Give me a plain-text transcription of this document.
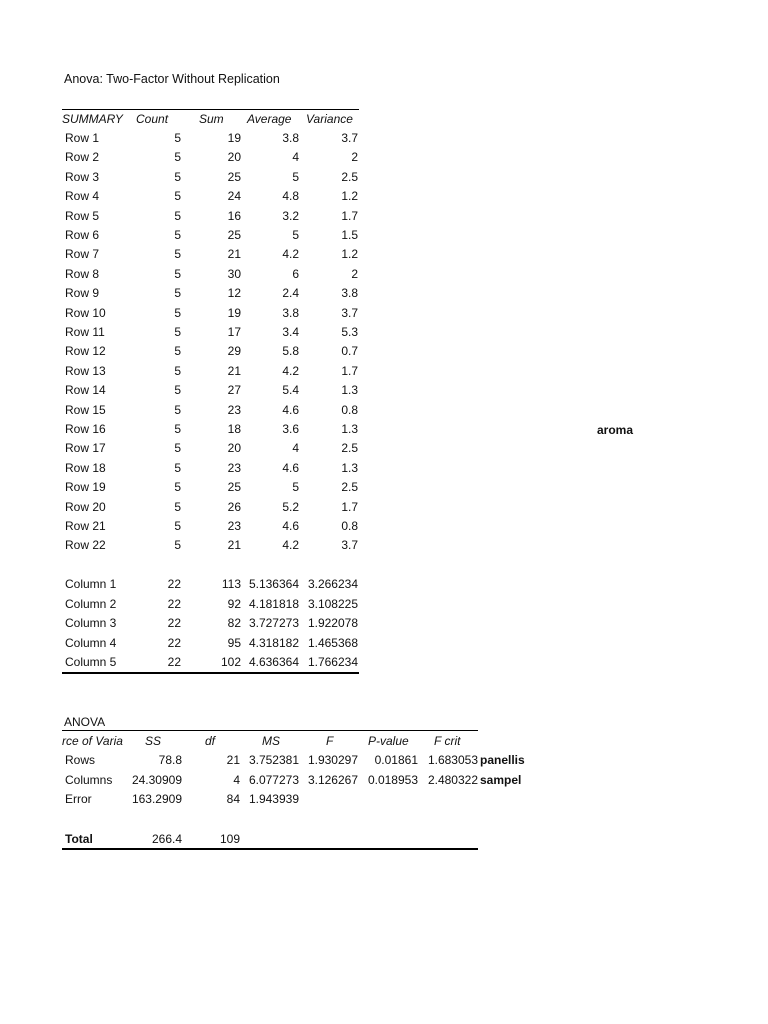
Anova: Two-Factor Without Replication
SUMMARY Count	Sum Average Variance
Row 1	5	19	3.8	3.7
Row 2	5	20	4	2
Row 3	5	25	5	2.5
Row 4	5	24	4.8	1.2
Row 5	5	16	3.2	1.7
Row 6	5	25	5	1.5
Row 7	5	21	4.2	1.2
Row 8	5	30	6	2
Row 9	5	12	2.4	3.8
Row 10	5	19	3.8	3.7
Row 11	5	17	3.4	5.3
Row 12	5	29	5.8	0.7
Row 13	5	21	4.2	1.7
Row 14	5	27	5.4	1.3
Row 15	5	23	4.6	0.8
Row 16	5	18	3.6	1.3
Row 17	5	20	4	2.5
Row 18	5	23	4.6	1.3
Row 19	5	25	5	2.5
Row 20	5	26	5.2	1.7
Row 21	5	23	4.6	0.8
Row 22	5	21	4.2	3.7
Column 1	22	113 5.136364 3.266234
Column 2	22	92 4.181818 3.108225
Column 3	22	82 3.727273 1.922078
Column 4	22	95 4.318182 1.465368
Column 5	22	102 4.636364 1.766234
aroma
ANOVA
rce of Varia	SS	df	MS	F	P-value F crit
Rows	78.8	21 3.752381 1.930297	0.01861 1.683053 panellis
Columns	24.30909	4 6.077273 3.126267 0.018953 2.480322 sampel
Error	163.2909	84 1.943939
Total	266.4	109
